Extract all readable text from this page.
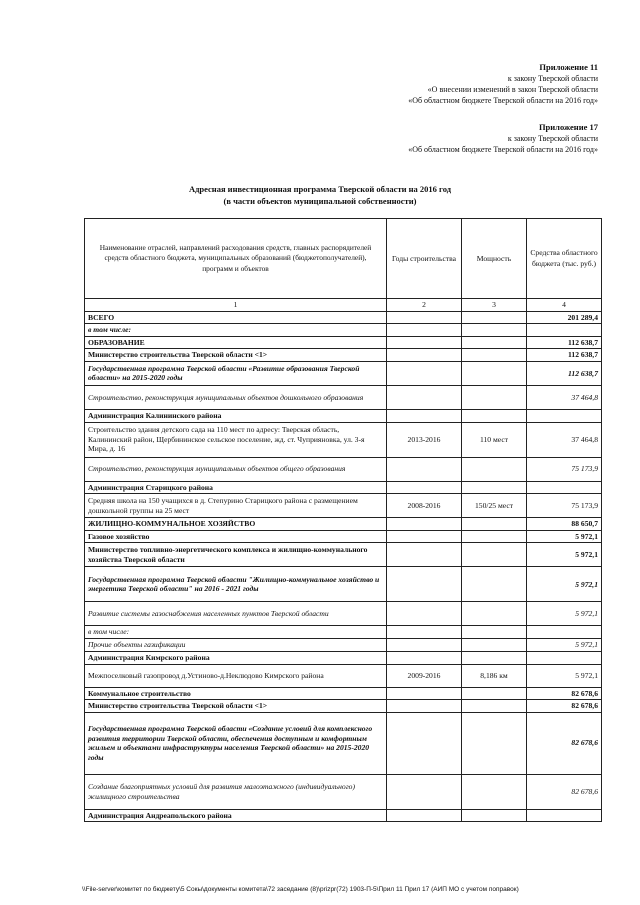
Приложение 11
к закону Тверской области
«О внесении изменений в закон Тверской области
«Об областном бюджете Тверской области на 2016 год»
Приложение 17
к закону Тверской области
«Об областном бюджете Тверской области на 2016 год»
Адресная инвестиционная программа Тверской области на 2016 год
(в части объектов муниципальной собственности)
Наименование отраслей, направлений расходования средств, главных распорядителей средств областного бюджета, муниципальных образований (бюджетополучателей), программ и объектов	Годы строительства	Мощность	Средства областного бюджета (тыс. руб.)
1	2	3	4
ВСЕГО			201 289,4
в том числе:			
ОБРАЗОВАНИЕ			112 638,7
Министерство строительства Тверской области <1>			112 638,7
Государственная программа Тверской области «Развитие образования Тверской области» на 2015-2020 годы			112 638,7
Строительство, реконструкция муниципальных объектов дошкольного образования			37 464,8
Администрация Калининского района			
Строительство здания детского сада на 110 мест по адресу: Тверская область, Калининский район, Щербининское сельское поселение, жд. ст. Чуприяновка, ул. 3-я Мира, д. 16	2013-2016	110 мест	37 464,8
Строительство, реконструкция муниципальных объектов общего образования			75 173,9
Администрация Старицкого района			
Средняя школа на 150 учащихся в д. Степурино Старицкого района с размещением дошкольной группы на 25 мест	2008-2016	150/25 мест	75 173,9
ЖИЛИЩНО-КОММУНАЛЬНОЕ ХОЗЯЙСТВО			88 650,7
Газовое хозяйство			5 972,1
Министерство топливно-энергетического комплекса и жилищно-коммунального хозяйства Тверской области			5 972,1
Государственная программа Тверской области "Жилищно-коммунальное хозяйство и энергетика Тверской области" на 2016 - 2021 годы			5 972,1
Развитие системы газоснабжения населенных пунктов Тверской области			5 972,1
в том числе:			
Прочие объекты газификации			5 972,1
Администрация Кимрского района			
Межпоселковый газопровод д.Устиново-д.Неклюдово Кимрского района	2009-2016	8,186 км	5 972,1
Коммунальное строительство			82 678,6
Министерство строительства Тверской области <1>			82 678,6
Государственная программа Тверской области «Создание условий для комплексного развития территории Тверской области, обеспечения доступным и комфортным жильем и объектами инфраструктуры населения Тверской области» на 2015-2020 годы			82 678,6
Создание благоприятных условий для развития малоэтажного (индивидуального) жилищного строительства			82 678,6
Администрация Андреапольского района			
\\File-server\комитет по бюджету\5 Сокы\документы комитета\72 заседание (8)\prizpr(72) 1903-П-5\Прил 11 Прил 17 (АИП МО с учетом поправок)
